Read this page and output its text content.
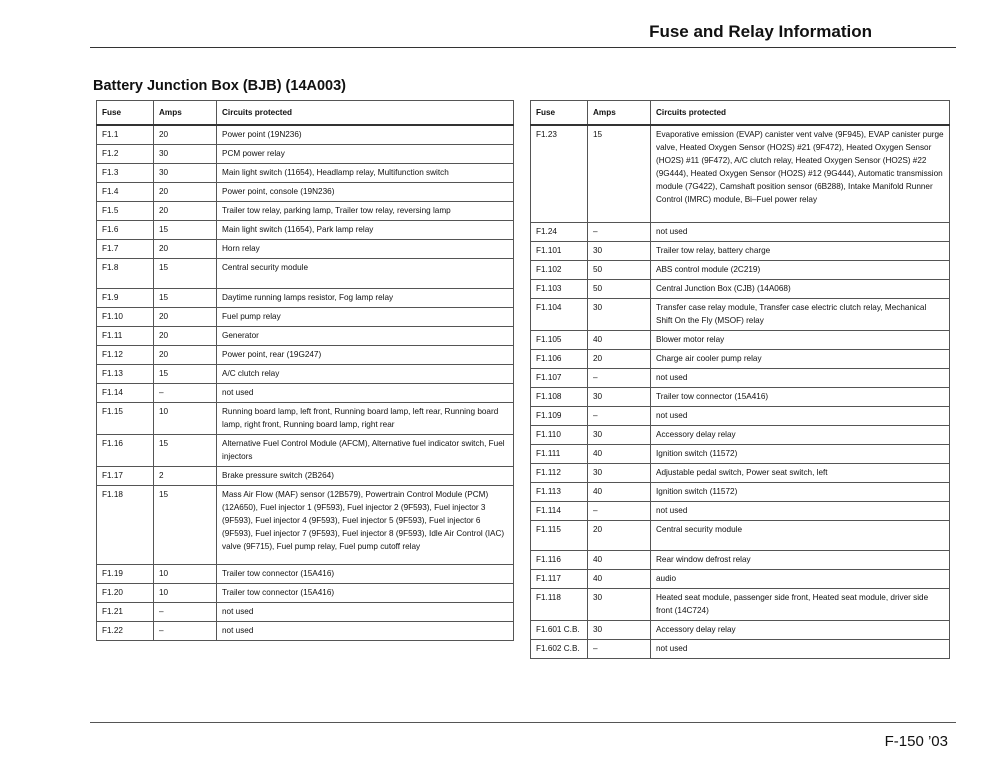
Fuse and Relay Information
Battery Junction Box (BJB) (14A003)
Fuse	Amps	Circuits protected
F1.1	20	Power point (19N236)
F1.2	30	PCM power relay
F1.3	30	Main light switch (11654), Headlamp relay, Multifunction switch
F1.4	20	Power point, console (19N236)
F1.5	20	Trailer tow relay, parking lamp, Trailer tow relay, reversing lamp
F1.6	15	Main light switch (11654), Park lamp relay
F1.7	20	Horn relay
F1.8	15	Central security module
F1.9	15	Daytime running lamps resistor, Fog lamp relay
F1.10	20	Fuel pump relay
F1.11	20	Generator
F1.12	20	Power point, rear (19G247)
F1.13	15	A/C clutch relay
F1.14	–	not used
F1.15	10	Running board lamp, left front, Running board lamp, left rear, Running board lamp, right front, Running board lamp, right rear
F1.16	15	Alternative Fuel Control Module (AFCM), Alternative fuel indicator switch, Fuel injectors
F1.17	2	Brake pressure switch (2B264)
F1.18	15	Mass Air Flow (MAF) sensor (12B579), Powertrain Control Module (PCM) (12A650), Fuel injector 1 (9F593), Fuel injector 2 (9F593), Fuel injector 3 (9F593), Fuel injector 4 (9F593), Fuel injector 5 (9F593), Fuel injector 6 (9F593), Fuel injector 7 (9F593), Fuel injector 8 (9F593), Idle Air Control (IAC) valve (9F715), Fuel pump relay, Fuel pump cutoff relay
F1.19	10	Trailer tow connector (15A416)
F1.20	10	Trailer tow connector (15A416)
F1.21	–	not used
F1.22	–	not used
Fuse	Amps	Circuits protected
F1.23	15	Evaporative emission (EVAP) canister vent valve (9F945), EVAP canister purge valve, Heated Oxygen Sensor (HO2S) #21 (9F472), Heated Oxygen Sensor (HO2S) #11 (9F472), A/C clutch relay, Heated Oxygen Sensor (HO2S) #22 (9G444), Heated Oxygen Sensor (HO2S) #12 (9G444), Automatic transmission module (7G422), Camshaft position sensor (6B288), Intake Manifold Runner Control (IMRC) module, Bi–Fuel power relay
F1.24	–	not used
F1.101	30	Trailer tow relay, battery charge
F1.102	50	ABS control module (2C219)
F1.103	50	Central Junction Box (CJB) (14A068)
F1.104	30	Transfer case relay module, Transfer case electric clutch relay, Mechanical Shift On the Fly (MSOF) relay
F1.105	40	Blower motor relay
F1.106	20	Charge air cooler pump relay
F1.107	–	not used
F1.108	30	Trailer tow connector (15A416)
F1.109	–	not used
F1.110	30	Accessory delay relay
F1.111	40	Ignition switch (11572)
F1.112	30	Adjustable pedal switch, Power seat switch, left
F1.113	40	Ignition switch (11572)
F1.114	–	not used
F1.115	20	Central security module
F1.116	40	Rear window defrost relay
F1.117	40	audio
F1.118	30	Heated seat module, passenger side front, Heated seat module, driver side front (14C724)
F1.601 C.B.	30	Accessory delay relay
F1.602 C.B.	–	not used
F-150 ’03
